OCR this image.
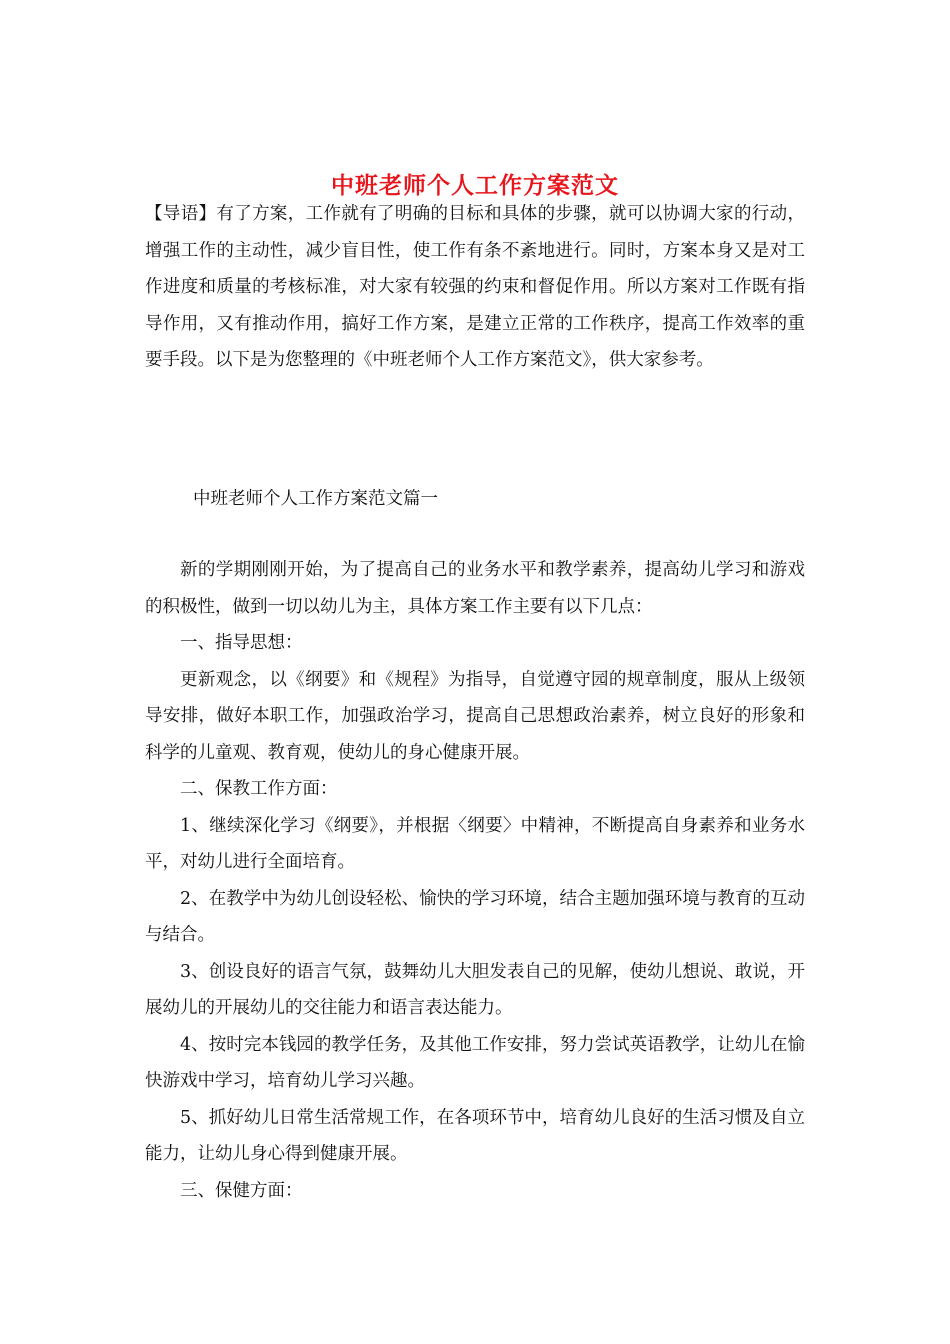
中班老师个人工作方案范文

【导语】有了方案，工作就有了明确的目标和具体的步骤，就可以协调大家的行动，增强工作的主动性，减少盲目性，使工作有条不紊地进行。同时，方案本身又是对工作进度和质量的考核标准，对大家有较强的约束和督促作用。所以方案对工作既有指导作用，又有推动作用，搞好工作方案，是建立正常的工作秩序，提高工作效率的重要手段。以下是为您整理的《中班老师个人工作方案范文》，供大家参考。

中班老师个人工作方案范文篇一

新的学期刚刚开始，为了提高自己的业务水平和教学素养，提高幼儿学习和游戏的积极性，做到一切以幼儿为主，具体方案工作主要有以下几点：

一、指导思想：

更新观念，以《纲要》和《规程》为指导，自觉遵守园的规章制度，服从上级领导安排，做好本职工作，加强政治学习，提高自己思想政治素养，树立良好的形象和科学的儿童观、教育观，使幼儿的身心健康开展。

二、保教工作方面：

1、继续深化学习《纲要》，并根据〈纲要〉中精神，不断提高自身素养和业务水平，对幼儿进行全面培育。

2、在教学中为幼儿创设轻松、愉快的学习环境，结合主题加强环境与教育的互动与结合。

3、创设良好的语言气氛，鼓舞幼儿大胆发表自己的见解，使幼儿想说、敢说，开展幼儿的开展幼儿的交往能力和语言表达能力。

4、按时完本钱园的教学任务，及其他工作安排，努力尝试英语教学，让幼儿在愉快游戏中学习，培育幼儿学习兴趣。

5、抓好幼儿日常生活常规工作，在各项环节中，培育幼儿良好的生活习惯及自立能力，让幼儿身心得到健康开展。

三、保健方面：
